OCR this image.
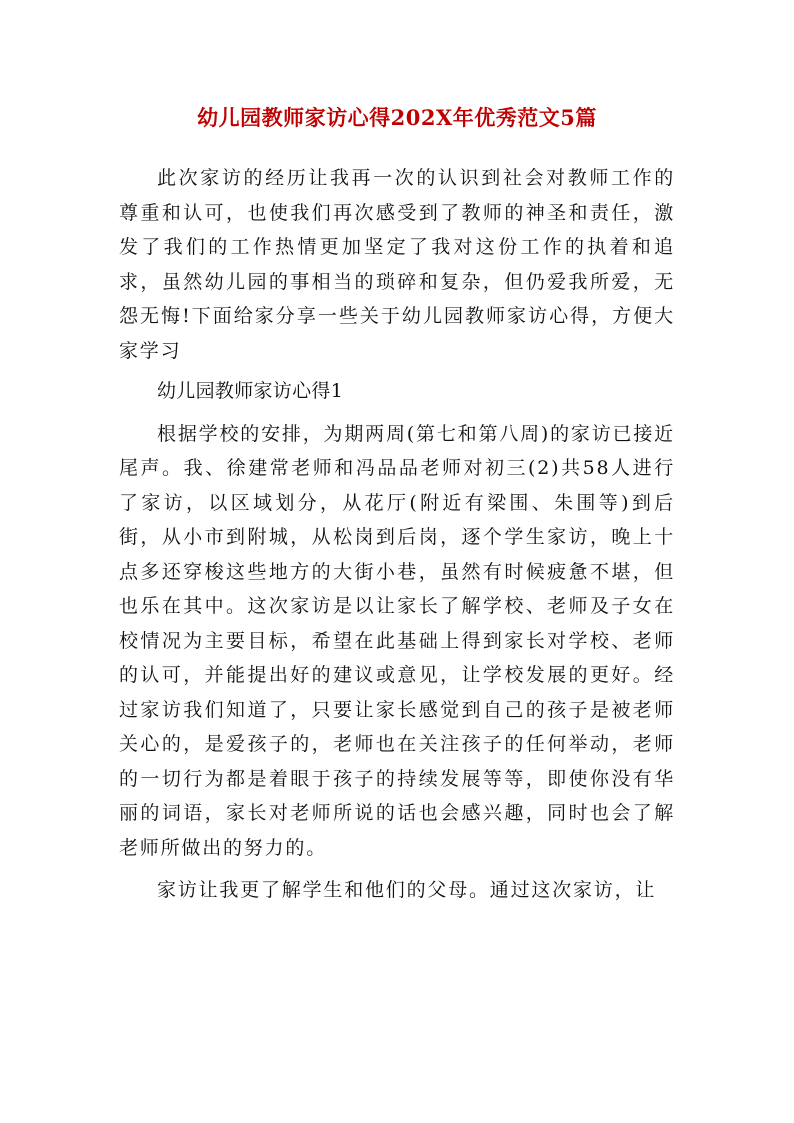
幼儿园教师家访心得202X年优秀范文5篇

此次家访的经历让我再一次的认识到社会对教师工作的尊重和认可，也使我们再次感受到了教师的神圣和责任，激发了我们的工作热情更加坚定了我对这份工作的执着和追求，虽然幼儿园的事相当的琐碎和复杂，但仍爱我所爱，无怨无悔!下面给家分享一些关于幼儿园教师家访心得，方便大家学习

幼儿园教师家访心得1

根据学校的安排，为期两周(第七和第八周)的家访已接近尾声。我、徐建常老师和冯品品老师对初三(2)共58人进行了家访，以区域划分，从花厅(附近有梁围、朱围等)到后街，从小市到附城，从松岗到后岗，逐个学生家访，晚上十点多还穿梭这些地方的大街小巷，虽然有时候疲惫不堪，但也乐在其中。这次家访是以让家长了解学校、老师及子女在校情况为主要目标，希望在此基础上得到家长对学校、老师的认可，并能提出好的建议或意见，让学校发展的更好。经过家访我们知道了，只要让家长感觉到自己的孩子是被老师关心的，是爱孩子的，老师也在关注孩子的任何举动，老师的一切行为都是着眼于孩子的持续发展等等，即使你没有华丽的词语，家长对老师所说的话也会感兴趣，同时也会了解老师所做出的努力的。

家访让我更了解学生和他们的父母。通过这次家访，让
